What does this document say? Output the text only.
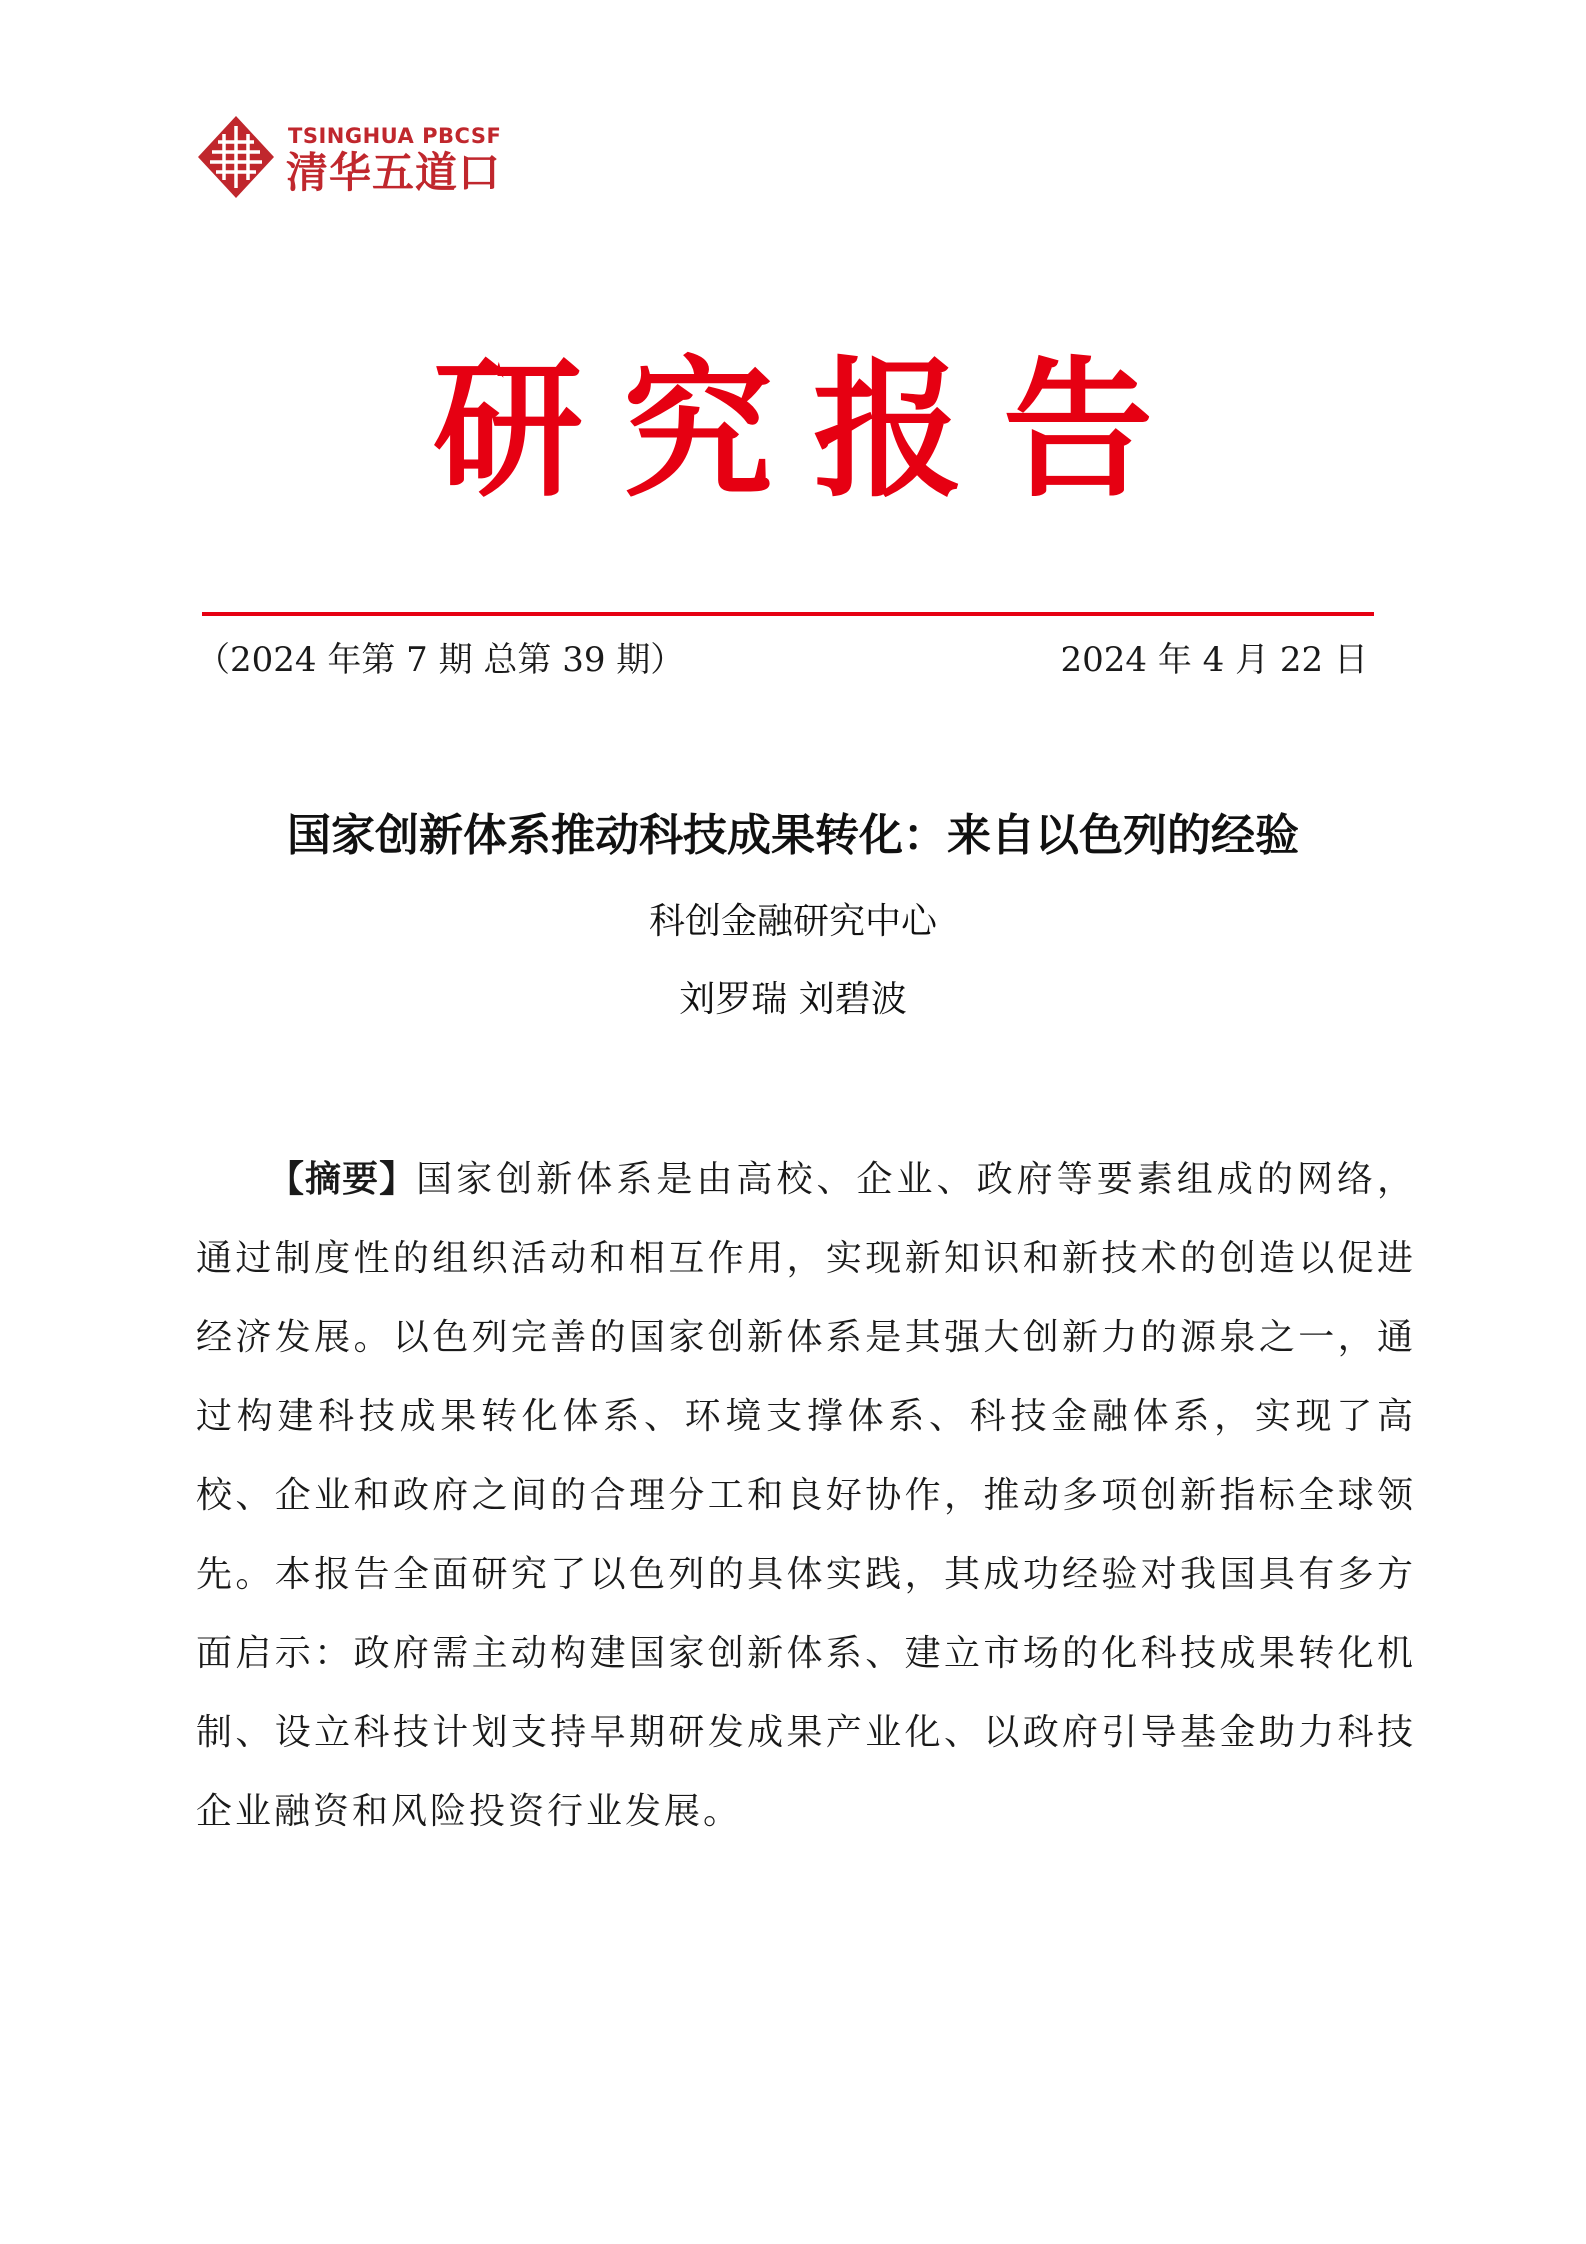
TSINGHUA PBCSF
清华五道口
研究报告
（2024 年第 7 期 总第 39 期）	2024 年 4 月 22 日
国家创新体系推动科技成果转化：来自以色列的经验
科创金融研究中心
刘罗瑞 刘碧波
【摘要】国家创新体系是由高校、企业、政府等要素组成的网络，通过制度性的组织活动和相互作用，实现新知识和新技术的创造以促进经济发展。以色列完善的国家创新体系是其强大创新力的源泉之一，通过构建科技成果转化体系、环境支撑体系、科技金融体系，实现了高校、企业和政府之间的合理分工和良好协作，推动多项创新指标全球领先。本报告全面研究了以色列的具体实践，其成功经验对我国具有多方面启示：政府需主动构建国家创新体系、建立市场的化科技成果转化机制、设立科技计划支持早期研发成果产业化、以政府引导基金助力科技企业融资和风险投资行业发展。
